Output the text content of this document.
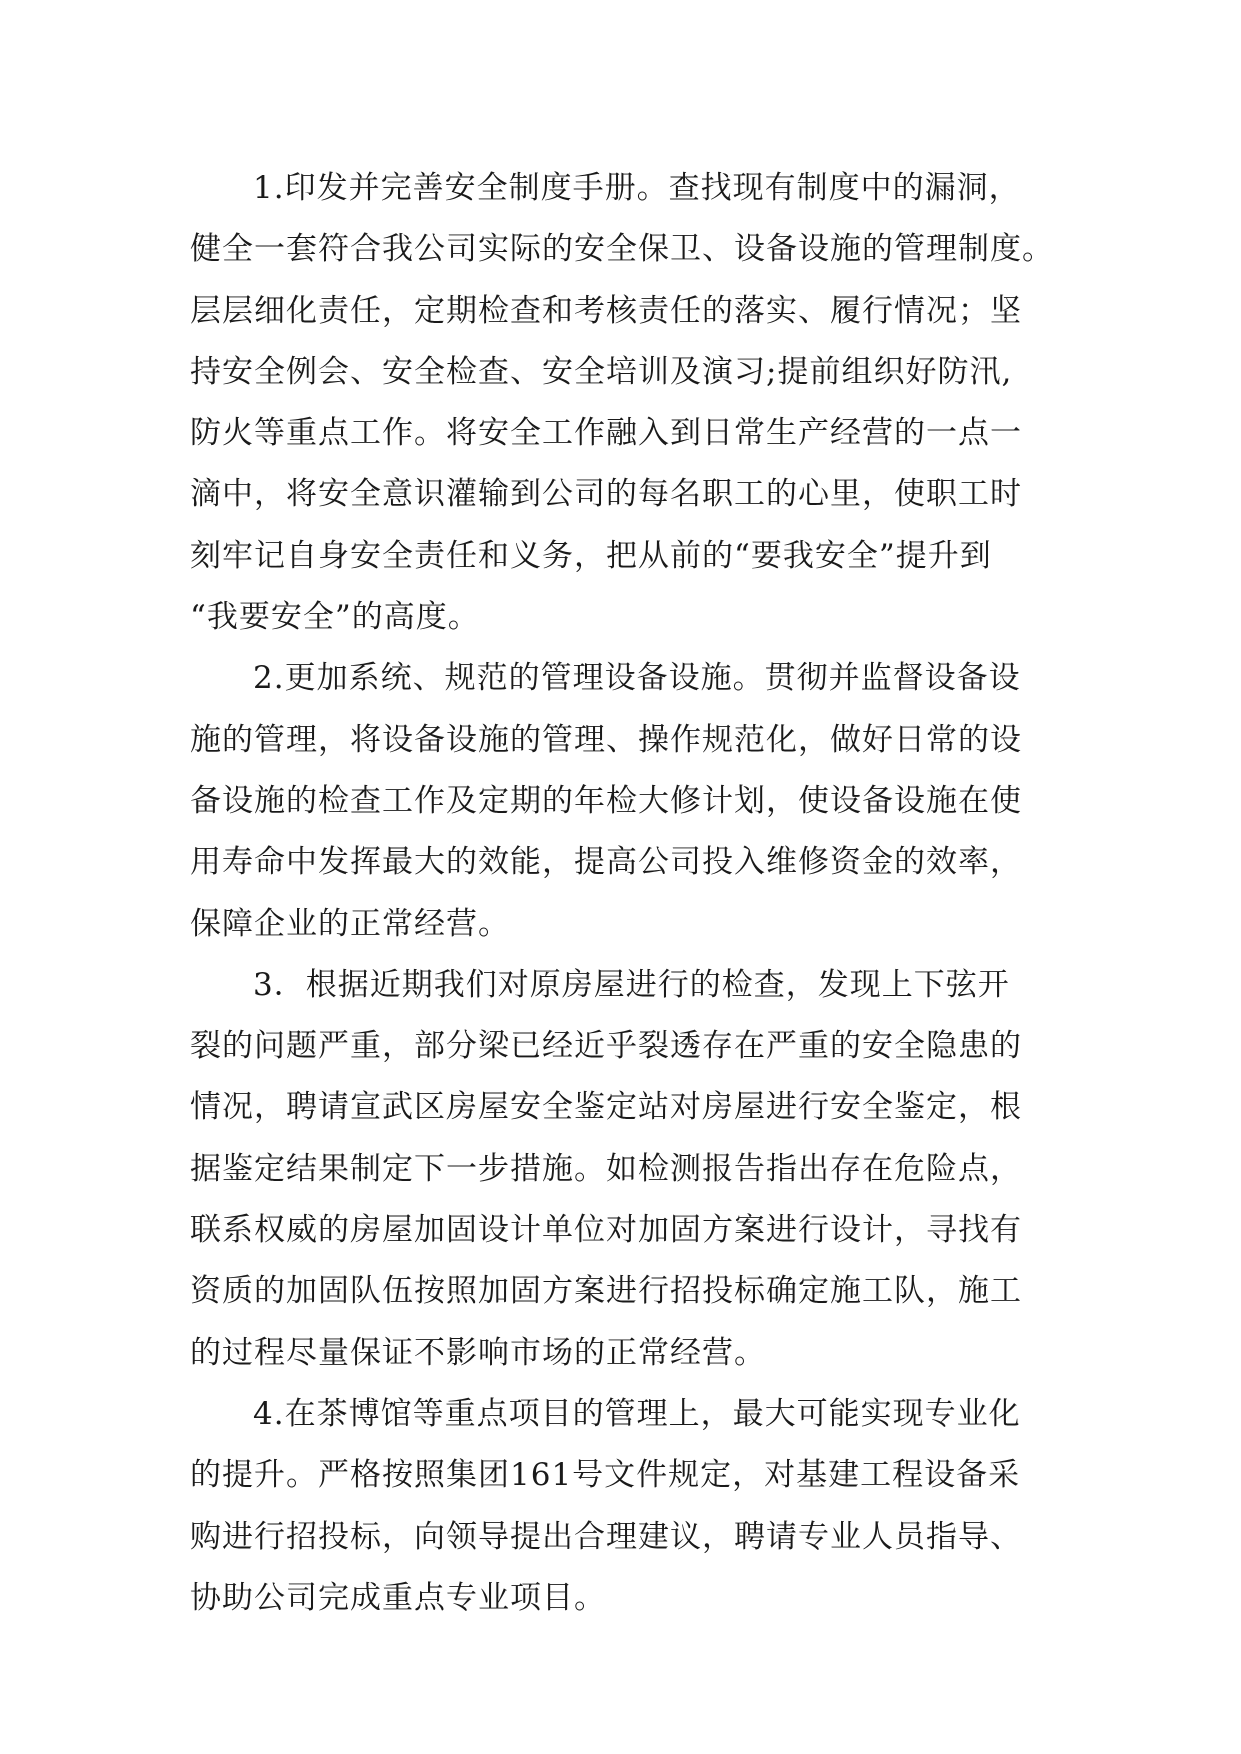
1.印发并完善安全制度手册。查找现有制度中的漏洞，
健全一套符合我公司实际的安全保卫、设备设施的管理制度。
层层细化责任，定期检查和考核责任的落实、履行情况；坚
持安全例会、安全检查、安全培训及演习;提前组织好防汛,
防火等重点工作。将安全工作融入到日常生产经营的一点一
滴中，将安全意识灌输到公司的每名职工的心里，使职工时
刻牢记自身安全责任和义务，把从前的“要我安全”提升到
“我要安全”的高度。
2.更加系统、规范的管理设备设施。贯彻并监督设备设
施的管理，将设备设施的管理、操作规范化，做好日常的设
备设施的检查工作及定期的年检大修计划，使设备设施在使
用寿命中发挥最大的效能，提高公司投入维修资金的效率，
保障企业的正常经营。
3．根据近期我们对原房屋进行的检查，发现上下弦开
裂的问题严重，部分梁已经近乎裂透存在严重的安全隐患的
情况，聘请宣武区房屋安全鉴定站对房屋进行安全鉴定，根
据鉴定结果制定下一步措施。如检测报告指出存在危险点，
联系权威的房屋加固设计单位对加固方案进行设计，寻找有
资质的加固队伍按照加固方案进行招投标确定施工队，施工
的过程尽量保证不影响市场的正常经营。
4.在茶博馆等重点项目的管理上，最大可能实现专业化
的提升。严格按照集团161号文件规定，对基建工程设备采
购进行招投标，向领导提出合理建议，聘请专业人员指导、
协助公司完成重点专业项目。
